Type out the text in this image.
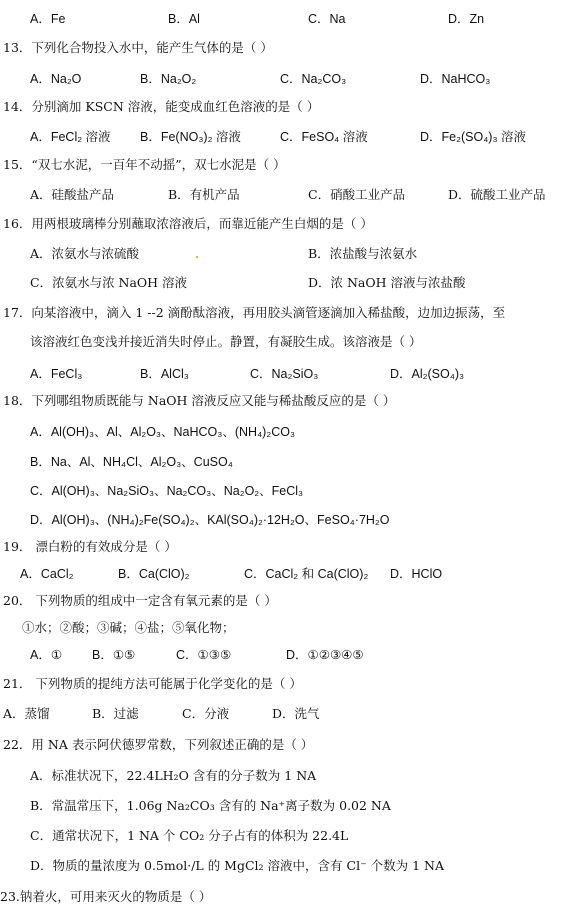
A．Fe	B．Al	C．Na	D．Zn
13．下列化合物投入水中，能产生气体的是（ ）
A．Na₂O	B．Na₂O₂	C．Na₂CO₃	D．NaHCO₃
14．分别滴加 KSCN 溶液，能变成血红色溶液的是（ ）
A．FeCl₂ 溶液 B．Fe(NO₃)₂ 溶液	C．FeSO₄ 溶液	D．Fe₂(SO₄)₃ 溶液
15．“双七水泥，一百年不动摇”，双七水泥是（ ）
A．硅酸盐产品	B．有机产品	C．硝酸工业产品	D．硫酸工业产品
16．用两根玻璃棒分别蘸取浓溶液后，而靠近能产生白烟的是（ ）
A．浓氨水与浓硫酸	B．浓盐酸与浓氨水
C．浓氨水与浓 NaOH 溶液	D．浓 NaOH 溶液与浓盐酸
17．向某溶液中，滴入 1 --2 滴酚酞溶液，再用胶头滴管逐滴加入稀盐酸，边加边振荡，至
该溶液红色变浅并接近消失时停止。静置，有凝胶生成。该溶液是（ ）
A．FeCl₃	B．AlCl₃	C．Na₂SiO₃	D．Al₂(SO₄)₃
18．下列哪组物质既能与 NaOH 溶液反应又能与稀盐酸反应的是（ ）
A．Al(OH)₃、Al、Al₂O₃、NaHCO₃、(NH₄)₂CO₃
B．Na、Al、NH₄Cl、Al₂O₃、CuSO₄
C．Al(OH)₃、Na₂SiO₃、Na₂CO₃、Na₂O₂、FeCl₃
D．Al(OH)₃、(NH₄)₂Fe(SO₄)₂、KAl(SO₄)₂·12H₂O、FeSO₄·7H₂O
19． 漂白粉的有效成分是（ ）
A．CaCl₂	B．Ca(ClO)₂	C．CaCl₂ 和 Ca(ClO)₂ D．HClO
20． 下列物质的组成中一定含有氧元素的是（ ）
①水；②酸；③碱；④盐；⑤氧化物；
A．① B．①⑤	C．①③⑤	D．①②③④⑤
21． 下列物质的提纯方法可能属于化学变化的是（ ）
A．蒸馏	B．过滤	C．分液	D．洗气
22．用 NA 表示阿伏德罗常数，下列叙述正确的是（ ）
A．标准状况下，22.4LH₂O 含有的分子数为 1 NA
B．常温常压下，1.06g Na₂CO₃ 含有的 Na⁺离子数为 0.02 NA
C．通常状况下，1 NA 个 CO₂ 分子占有的体积为 22.4L
D．物质的量浓度为 0.5mol·/L 的 MgCl₂ 溶液中，含有 Cl⁻ 个数为 1 NA
23.钠着火，可用来灭火的物质是（ ）
